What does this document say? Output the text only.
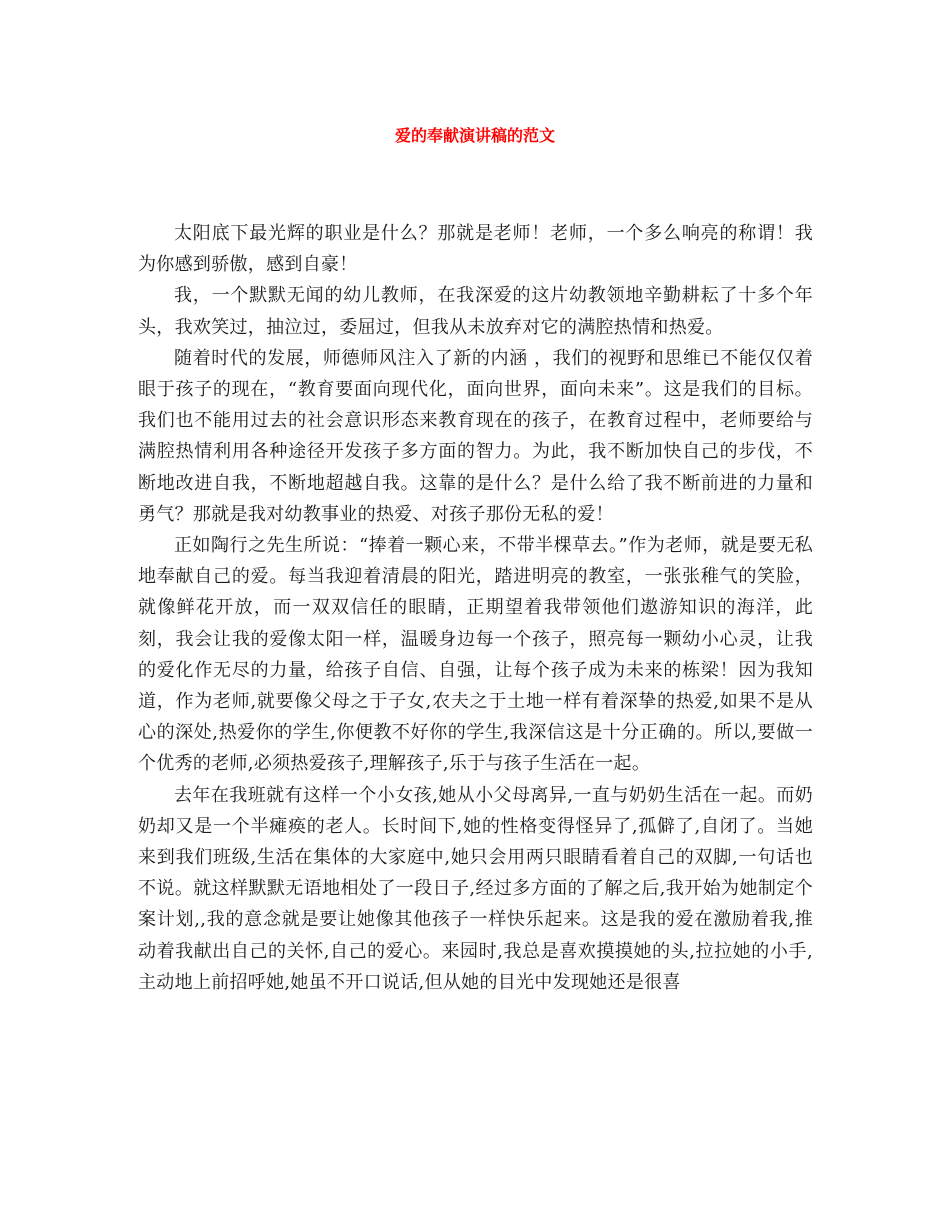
爱的奉献演讲稿的范文

太阳底下最光辉的职业是什么？那就是老师！老师，一个多么响亮的称谓！我为你感到骄傲，感到自豪！

我，一个默默无闻的幼儿教师，在我深爱的这片幼教领地辛勤耕耘了十多个年头，我欢笑过，抽泣过，委屈过，但我从未放弃对它的满腔热情和热爱。

随着时代的发展，师德师风注入了新的内涵 ，我们的视野和思维已不能仅仅着眼于孩子的现在，“教育要面向现代化，面向世界，面向未来”。这是我们的目标。我们也不能用过去的社会意识形态来教育现在的孩子，在教育过程中，老师要给与满腔热情利用各种途径开发孩子多方面的智力。为此，我不断加快自己的步伐，不断地改进自我，不断地超越自我。这靠的是什么？是什么给了我不断前进的力量和勇气？那就是我对幼教事业的热爱、对孩子那份无私的爱！

正如陶行之先生所说：“捧着一颗心来，不带半棵草去。”作为老师，就是要无私地奉献自己的爱。每当我迎着清晨的阳光，踏进明亮的教室，一张张稚气的笑脸，就像鲜花开放，而一双双信任的眼睛，正期望着我带领他们遨游知识的海洋，此刻，我会让我的爱像太阳一样，温暖身边每一个孩子，照亮每一颗幼小心灵，让我的爱化作无尽的力量，给孩子自信、自强，让每个孩子成为未来的栋梁！因为我知道，作为老师,就要像父母之于子女,农夫之于土地一样有着深挚的热爱,如果不是从心的深处,热爱你的学生,你便教不好你的学生,我深信这是十分正确的。所以,要做一个优秀的老师,必须热爱孩子,理解孩子,乐于与孩子生活在一起。

去年在我班就有这样一个小女孩,她从小父母离异,一直与奶奶生活在一起。而奶奶却又是一个半瘫痪的老人。长时间下,她的性格变得怪异了,孤僻了,自闭了。当她来到我们班级,生活在集体的大家庭中,她只会用两只眼睛看着自己的双脚,一句话也不说。就这样默默无语地相处了一段日子,经过多方面的了解之后,我开始为她制定个案计划,,我的意念就是要让她像其他孩子一样快乐起来。这是我的爱在激励着我,推动着我献出自己的关怀,自己的爱心。来园时,我总是喜欢摸摸她的头,拉拉她的小手,主动地上前招呼她,她虽不开口说话,但从她的目光中发现她还是很喜
